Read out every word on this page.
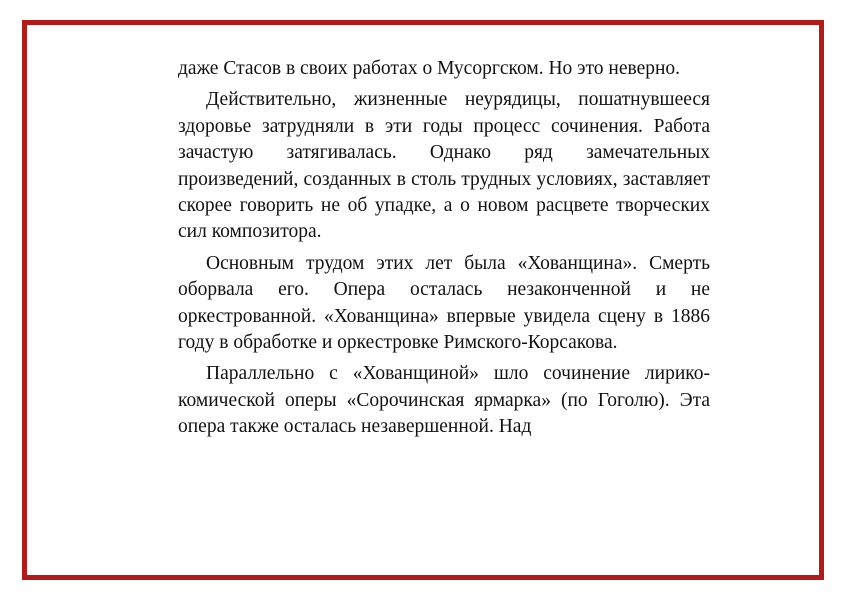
даже Стасов в своих работах о Мусоргском. Но это неверно.

Действительно, жизненные неурядицы, пошатнувшееся здоровье затрудняли в эти годы процесс сочинения. Работа зачастую затягивалась. Однако ряд замечательных произведений, созданных в столь трудных условиях, заставляет скорее говорить не об упадке, а о новом расцвете творческих сил композитора.

Основным трудом этих лет была «Хованщина». Смерть оборвала его. Опера осталась незаконченной и не оркестрованной. «Хованщина» впервые увидела сцену в 1886 году в обработке и оркестровке Римского-Корсакова.

Параллельно с «Хованщиной» шло сочинение лирико-комической оперы «Сорочинская ярмарка» (по Гоголю). Эта опера также осталась незавершенной. Над
